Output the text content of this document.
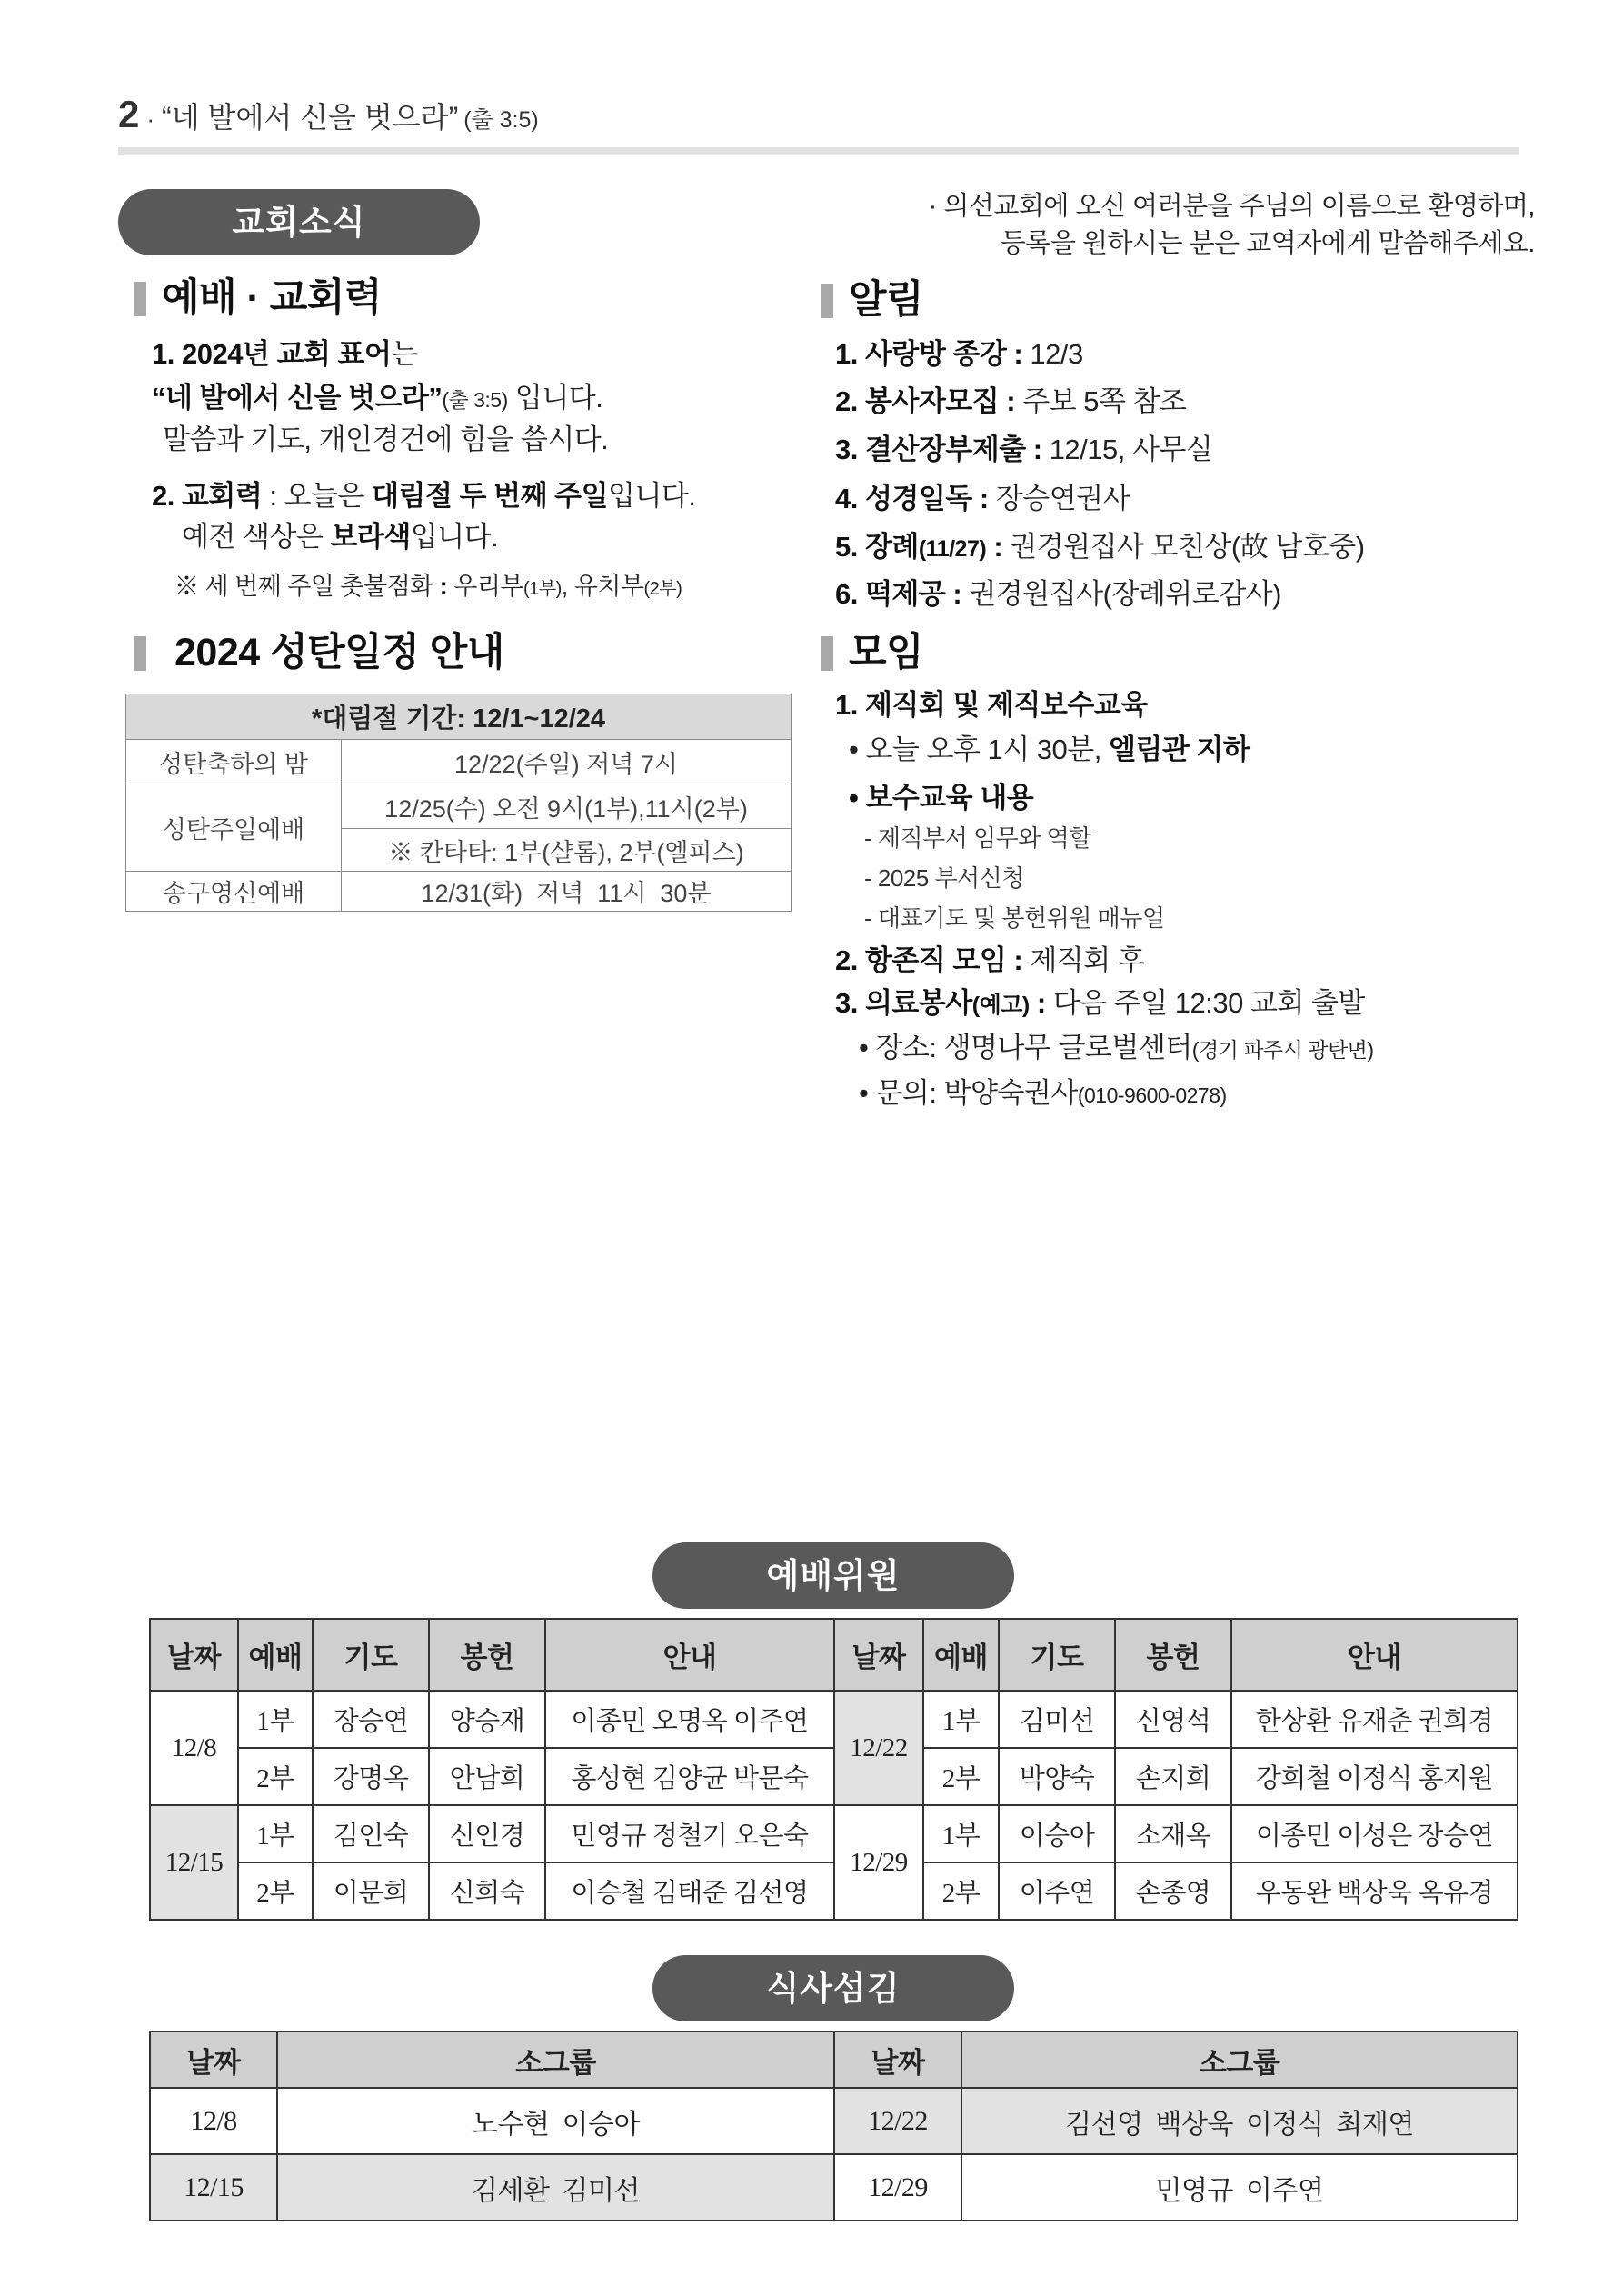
2 · “네 발에서 신을 벗으라” (출 3:5)
교회소식
예배 · 교회력
1. 2024년 교회 표어는
“네 발에서 신을 벗으라”(출 3:5) 입니다.
말씀과 기도, 개인경건에 힘을 씁시다.
2. 교회력 : 오늘은 대림절 두 번째 주일입니다.
예전 색상은 보라색입니다.
※ 세 번째 주일 촛불점화 : 우리부(1부), 유치부(2부)
2024 성탄일정 안내
*대림절 기간: 12/1~12/24	
성탄축하의 밤	12/22(주일) 저녁 7시
성탄주일예배	12/25(수) 오전 9시(1부),11시(2부)
	※ 칸타타: 1부(샬롬), 2부(엘피스)
송구영신예배	12/31(화)  저녁  11시  30분
· 의선교회에 오신 여러분을 주님의 이름으로 환영하며,
등록을 원하시는 분은 교역자에게 말씀해주세요.
알림
1. 사랑방 종강 : 12/3
2. 봉사자모집 : 주보 5쪽 참조
3. 결산장부제출 : 12/15, 사무실
4. 성경일독 : 장승연권사
5. 장례(11/27) : 권경원집사 모친상(故 남호중)
6. 떡제공 : 권경원집사(장례위로감사)
모임
1. 제직회 및 제직보수교육
• 오늘 오후 1시 30분, 엘림관 지하
• 보수교육 내용
- 제직부서 임무와 역할
- 2025 부서신청
- 대표기도 및 봉헌위원 매뉴얼
2. 항존직 모임 : 제직회 후
3. 의료봉사(예고) : 다음 주일 12:30 교회 출발
• 장소: 생명나무 글로벌센터(경기 파주시 광탄면)
• 문의: 박양숙권사(010-9600-0278)
예배위원
날짜	예배	기도	봉헌	안내	날짜	예배	기도	봉헌	안내
12/8	1부	장승연	양승재	이종민 오명옥 이주연	12/22	1부	김미선	신영석	한상환 유재춘 권희경
	2부	강명옥	안남희	홍성현 김양균 박문숙		2부	박양숙	손지희	강희철 이정식 홍지원
12/15	1부	김인숙	신인경	민영규 정철기 오은숙	12/29	1부	이승아	소재옥	이종민 이성은 장승연
	2부	이문희	신희숙	이승철 김태준 김선영		2부	이주연	손종영	우동완 백상욱 옥유경
식사섬김
날짜	소그룹	날짜	소그룹
12/8	노수현  이승아	12/22	김선영  백상욱  이정식  최재연
12/15	김세환  김미선	12/29	민영규  이주연
